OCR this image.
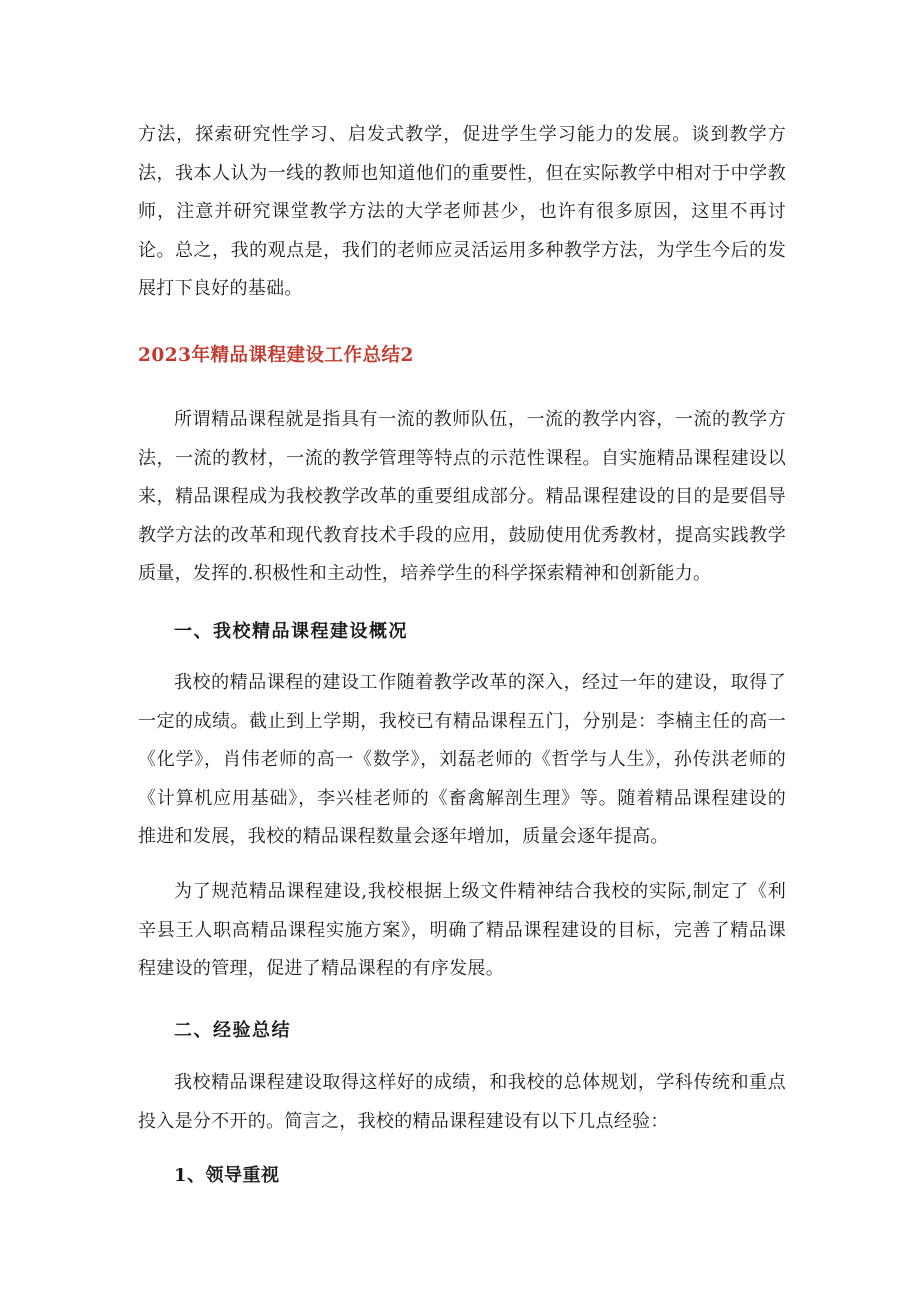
方法，探索研究性学习、启发式教学，促进学生学习能力的发展。谈到教学方法，我本人认为一线的教师也知道他们的重要性，但在实际教学中相对于中学教师，注意并研究课堂教学方法的大学老师甚少，也许有很多原因，这里不再讨论。总之，我的观点是，我们的老师应灵活运用多种教学方法，为学生今后的发展打下良好的基础。

2023年精品课程建设工作总结2

所谓精品课程就是指具有一流的教师队伍，一流的教学内容，一流的教学方法，一流的教材，一流的教学管理等特点的示范性课程。自实施精品课程建设以来，精品课程成为我校教学改革的重要组成部分。精品课程建设的目的是要倡导教学方法的改革和现代教育技术手段的应用，鼓励使用优秀教材，提高实践教学质量，发挥的.积极性和主动性，培养学生的科学探索精神和创新能力。

一、我校精品课程建设概况

我校的精品课程的建设工作随着教学改革的深入，经过一年的建设，取得了一定的成绩。截止到上学期，我校已有精品课程五门，分别是：李楠主任的高一《化学》，肖伟老师的高一《数学》，刘磊老师的《哲学与人生》，孙传洪老师的《计算机应用基础》，李兴桂老师的《畜禽解剖生理》等。随着精品课程建设的推进和发展，我校的精品课程数量会逐年增加，质量会逐年提高。

为了规范精品课程建设,我校根据上级文件精神结合我校的实际,制定了《利辛县王人职高精品课程实施方案》，明确了精品课程建设的目标，完善了精品课程建设的管理，促进了精品课程的有序发展。

二、经验总结

我校精品课程建设取得这样好的成绩，和我校的总体规划，学科传统和重点投入是分不开的。简言之，我校的精品课程建设有以下几点经验：

1、领导重视
